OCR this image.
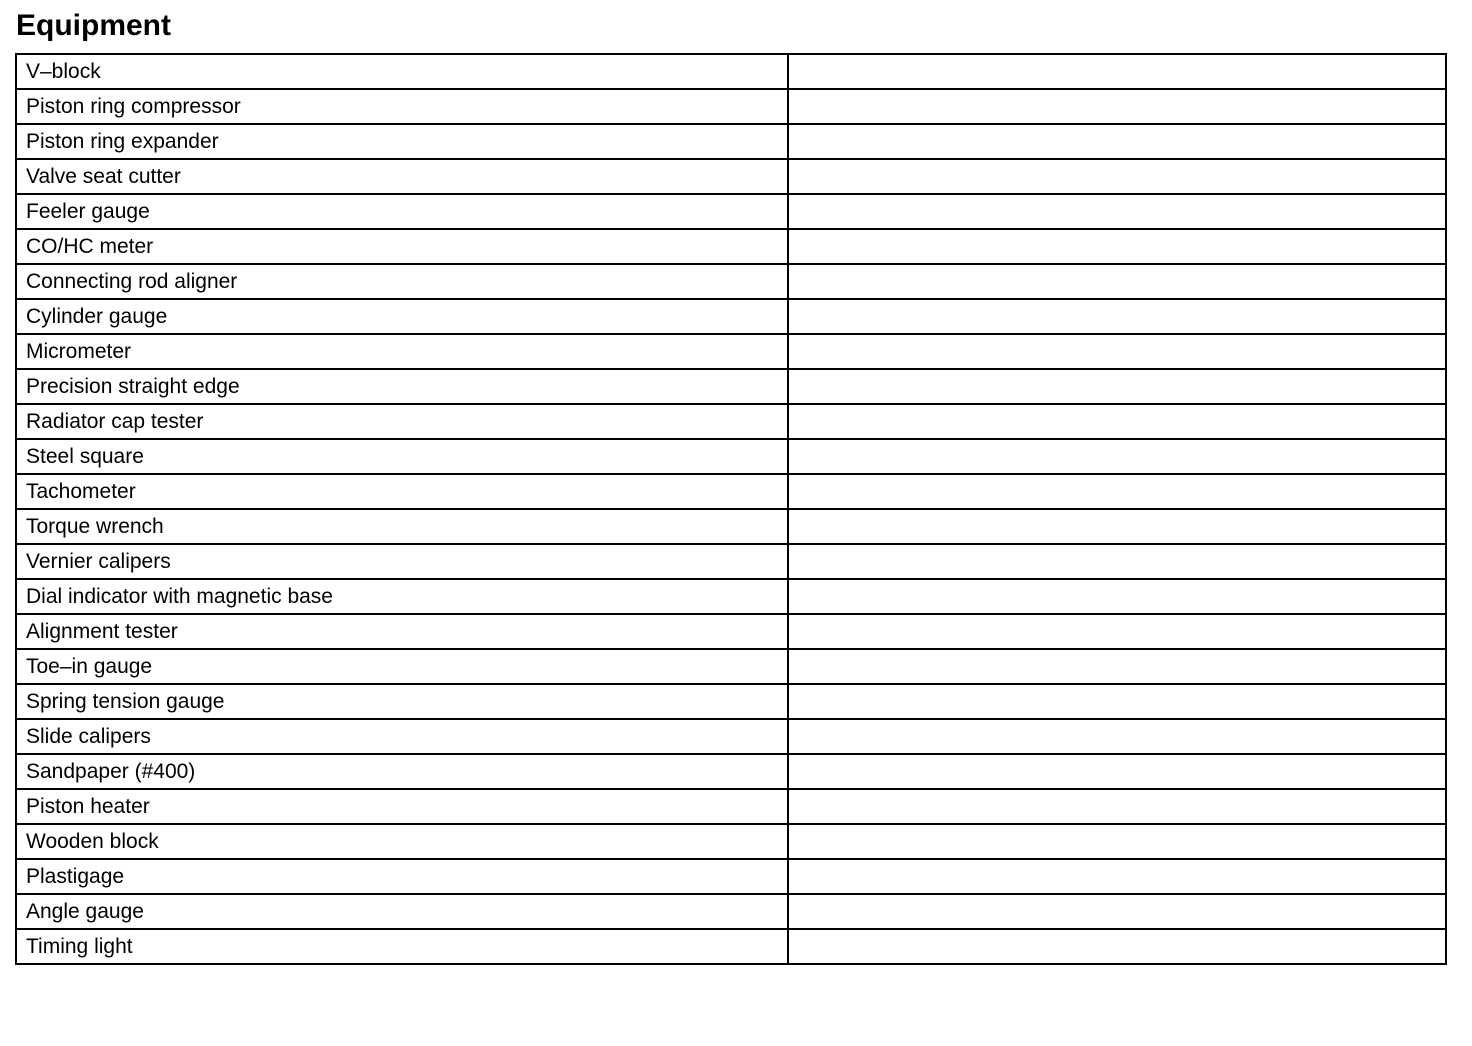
Equipment
V–block	
Piston ring compressor	
Piston ring expander	
Valve seat cutter	
Feeler gauge	
CO/HC meter	
Connecting rod aligner	
Cylinder gauge	
Micrometer	
Precision straight edge	
Radiator cap tester	
Steel square	
Tachometer	
Torque wrench	
Vernier calipers	
Dial indicator with magnetic base	
Alignment tester	
Toe–in gauge	
Spring tension gauge	
Slide calipers	
Sandpaper (#400)	
Piston heater	
Wooden block	
Plastigage	
Angle gauge	
Timing light	
